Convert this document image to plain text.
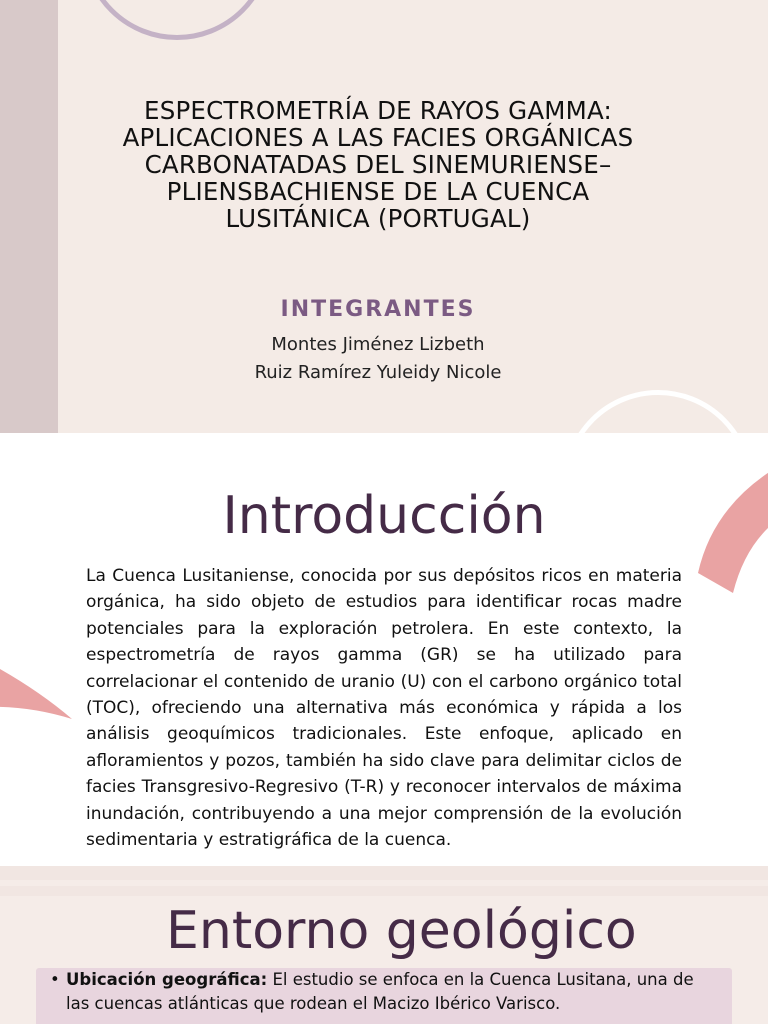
ESPECTROMETRÍA DE RAYOS GAMMA:
APLICACIONES A LAS FACIES ORGÁNICAS
CARBONATADAS DEL SINEMURIENSE–
PLIENSBACHIENSE DE LA CUENCA
LUSITÁNICA (PORTUGAL)
INTEGRANTES
Montes Jiménez Lizbeth
Ruiz Ramírez Yuleidy Nicole
Introducción

La Cuenca Lusitaniense, conocida por sus depósitos ricos en materia orgánica, ha sido objeto de estudios para identificar rocas madre potenciales para la exploración petrolera. En este contexto, la espectrometría de rayos gamma (GR) se ha utilizado para correlacionar el contenido de uranio (U) con el carbono orgánico total (TOC), ofreciendo una alternativa más económica y rápida a los análisis geoquímicos tradicionales. Este enfoque, aplicado en afloramientos y pozos, también ha sido clave para delimitar ciclos de facies Transgresivo-Regresivo (T-R) y reconocer intervalos de máxima inundación, contribuyendo a una mejor comprensión de la evolución sedimentaria y estratigráfica de la cuenca.

Entorno geológico
• Ubicación geográfica: El estudio se enfoca en la Cuenca Lusitana, una de las cuencas atlánticas que rodean el Macizo Ibérico Varisco.
